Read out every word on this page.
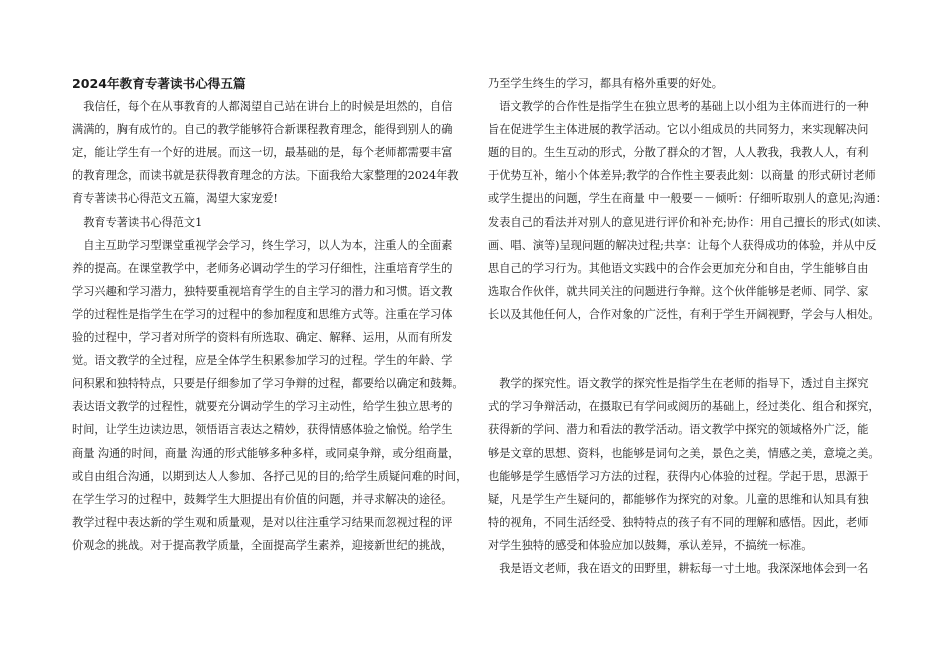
2024年教育专著读书心得五篇
　我信任，每个在从事教育的人都渴望自己站在讲台上的时候是坦然的，自信
满满的，胸有成竹的。自己的教学能够符合新课程教育理念，能得到别人的确
定，能让学生有一个好的进展。而这一切，最基础的是，每个老师都需要丰富
的教育理念，而读书就是获得教育理念的方法。下面我给大家整理的2024年教
育专著读书心得范文五篇，渴望大家宠爱!
　教育专著读书心得范文1
　自主互助学习型课堂重视学会学习，终生学习，以人为本，注重人的全面素
养的提高。在课堂教学中，老师务必调动学生的学习仔细性，注重培育学生的
学习兴趣和学习潜力，独特要重视培育学生的自主学习的潜力和习惯。语文教
学的过程性是指学生在学习的过程中的参加程度和思维方式等。注重在学习体
验的过程中，学习者对所学的资料有所选取、确定、解释、运用，从而有所发
觉。语文教学的全过程，应是全体学生积累参加学习的过程。学生的年龄、学
问积累和独特特点，只要是仔细参加了学习争辩的过程，都要给以确定和鼓舞。
表达语文教学的过程性，就要充分调动学生的学习主动性，给学生独立思考的
时间，让学生边读边思，领悟语言表达之精妙，获得情感体验之愉悦。给学生
商量 沟通的时间，商量 沟通的形式能够多种多样，或同桌争辩，或分组商量，
或自由组合沟通，以期到达人人参加、各抒己见的目的;给学生质疑问难的时间，
在学生学习的过程中，鼓舞学生大胆提出有价值的问题，并寻求解决的途径。
教学过程中表达新的学生观和质量观，是对以往注重学习结果而忽视过程的评
价观念的挑战。对于提高教学质量，全面提高学生素养，迎接新世纪的挑战，
乃至学生终生的学习，都具有格外重要的好处。
　语文教学的合作性是指学生在独立思考的基础上以小组为主体而进行的一种
旨在促进学生主体进展的教学活动。它以小组成员的共同努力，来实现解决问
题的目的。生生互动的形式，分散了群众的才智，人人教我，我教人人，有利
于优势互补，缩小个体差异;教学的合作性主要表此刻：以商量 的形式研讨老师
或学生提出的问题，学生在商量 中一般要－－倾听：仔细听取别人的意见;沟通：
发表自己的看法并对别人的意见进行评价和补充;协作：用自己擅长的形式(如读、
画、唱、演等)呈现问题的解决过程;共享：让每个人获得成功的体验，并从中反
思自己的学习行为。其他语文实践中的合作会更加充分和自由，学生能够自由
选取合作伙伴，就共同关注的问题进行争辩。这个伙伴能够是老师、同学、家
长以及其他任何人，合作对象的广泛性，有利于学生开阔视野，学会与人相处。
　教学的探究性。语文教学的探究性是指学生在老师的指导下，透过自主探究
式的学习争辩活动，在摄取已有学问或阅历的基础上，经过类化、组合和探究，
获得新的学问、潜力和看法的教学活动。语文教学中探究的领域格外广泛，能
够是文章的思想、资料，也能够是词句之美，景色之美，情感之美，意境之美。
也能够是学生感悟学习方法的过程，获得内心体验的过程。学起于思，思源于
疑，凡是学生产生疑问的，都能够作为探究的对象。儿童的思维和认知具有独
特的视角，不同生活经受、独特特点的孩子有不同的理解和感悟。因此，老师
对学生独特的感受和体验应加以鼓舞，承认差异，不搞统一标准。
　我是语文老师，我在语文的田野里，耕耘每一寸土地。我深深地体会到一名
